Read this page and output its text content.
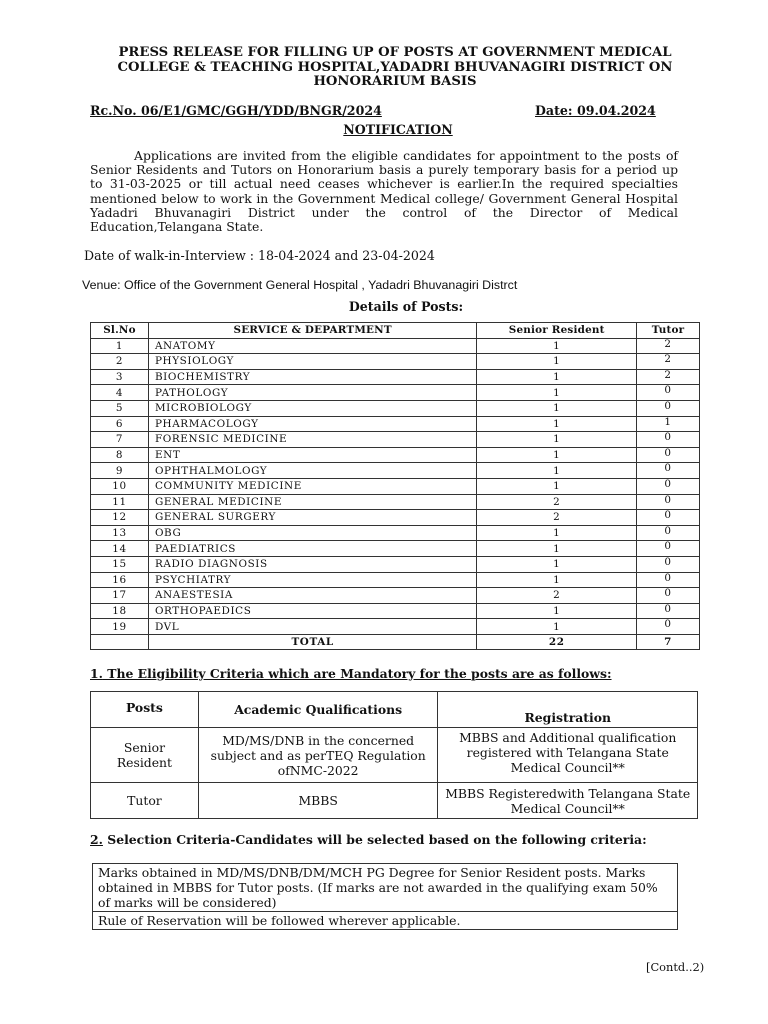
PRESS RELEASE FOR FILLING UP OF POSTS AT GOVERNMENT MEDICAL
COLLEGE & TEACHING HOSPITAL,YADADRI BHUVANAGIRI DISTRICT ON
HONORARIUM BASIS
Rc.No. 06/E1/GMC/GGH/YDD/BNGR/2024	Date: 09.04.2024
NOTIFICATION

Applications are invited from the eligible candidates for appointment to the posts of Senior Residents and Tutors on Honorarium basis a purely temporary basis for a period up to 31-03-2025 or till actual need ceases whichever is earlier.In the required specialties mentioned below to work in the Government Medical college/ Government General Hospital Yadadri Bhuvanagiri District under the control of the Director of Medical Education,Telangana State.

Date of walk-in-Interview : 18-04-2024 and 23-04-2024
Venue: Office of the Government General Hospital , Yadadri Bhuvanagiri Distrct
Details of Posts:
Sl.No	SERVICE & DEPARTMENT	Senior Resident	Tutor
1	ANATOMY	1	2
2	PHYSIOLOGY	1	2
3	BIOCHEMISTRY	1	2
4	PATHOLOGY	1	0
5	MICROBIOLOGY	1	0
6	PHARMACOLOGY	1	1
7	FORENSIC MEDICINE	1	0
8	ENT	1	0
9	OPHTHALMOLOGY	1	0
10	COMMUNITY MEDICINE	1	0
11	GENERAL MEDICINE	2	0
12	GENERAL SURGERY	2	0
13	OBG	1	0
14	PAEDIATRICS	1	0
15	RADIO DIAGNOSIS	1	0
16	PSYCHIATRY	1	0
17	ANAESTESIA	2	0
18	ORTHOPAEDICS	1	0
19	DVL	1	0
	TOTAL	22	7
1. The Eligibility Criteria which are Mandatory for the posts are as follows:
Posts	Academic Qualifications	Registration
Senior Resident	MD/MS/DNB in the concerned subject and as perTEQ Regulation ofNMC-2022	MBBS and Additional qualification registered with Telangana State Medical Council**
Tutor	MBBS	MBBS Registeredwith Telangana State Medical Council**
2. Selection Criteria-Candidates will be selected based on the following criteria:
Marks obtained in MD/MS/DNB/DM/MCH PG Degree for Senior Resident posts. Marks obtained in MBBS for Tutor posts. (If marks are not awarded in the qualifying exam 50% of marks will be considered)
Rule of Reservation will be followed wherever applicable.
[Contd..2)
